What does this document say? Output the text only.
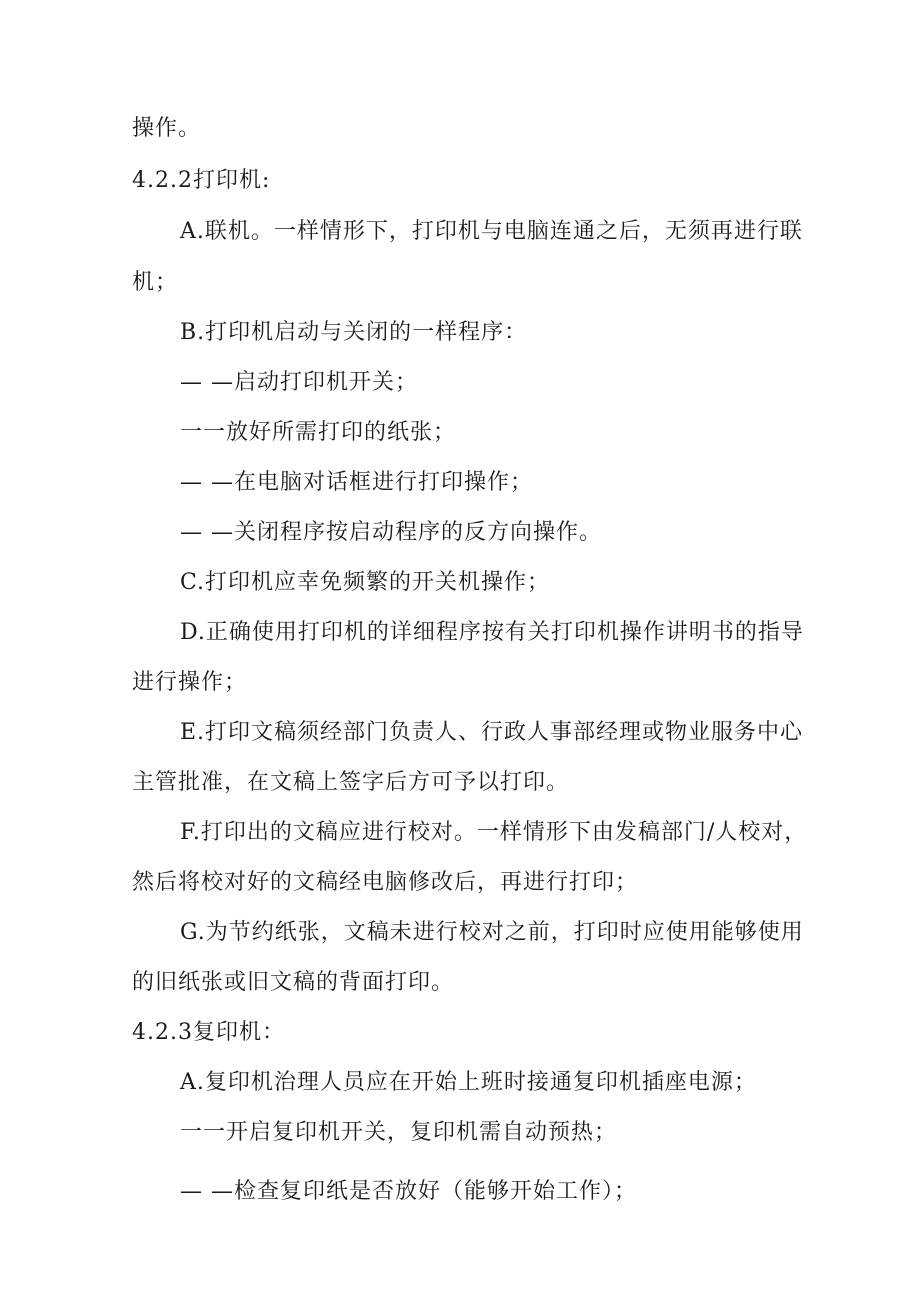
操作。
4.2.2打印机:
A.联机。一样情形下，打印机与电脑连通之后，无须再进行联
机；
B.打印机启动与关闭的一样程序：
— —启动打印机开关；
一一放好所需打印的纸张；
— —在电脑对话框进行打印操作；
— —关闭程序按启动程序的反方向操作。
C.打印机应幸免频繁的开关机操作；
D.正确使用打印机的详细程序按有关打印机操作讲明书的指导
进行操作；
E.打印文稿须经部门负责人、行政人事部经理或物业服务中心
主管批准，在文稿上签字后方可予以打印。
F.打印出的文稿应进行校对。一样情形下由发稿部门/人校对，
然后将校对好的文稿经电脑修改后，再进行打印；
G.为节约纸张，文稿未进行校对之前，打印时应使用能够使用
的旧纸张或旧文稿的背面打印。
4.2.3复印机：
A.复印机治理人员应在开始上班时接通复印机插座电源；
一一开启复印机开关，复印机需自动预热；
— —检查复印纸是否放好（能够开始工作）；
